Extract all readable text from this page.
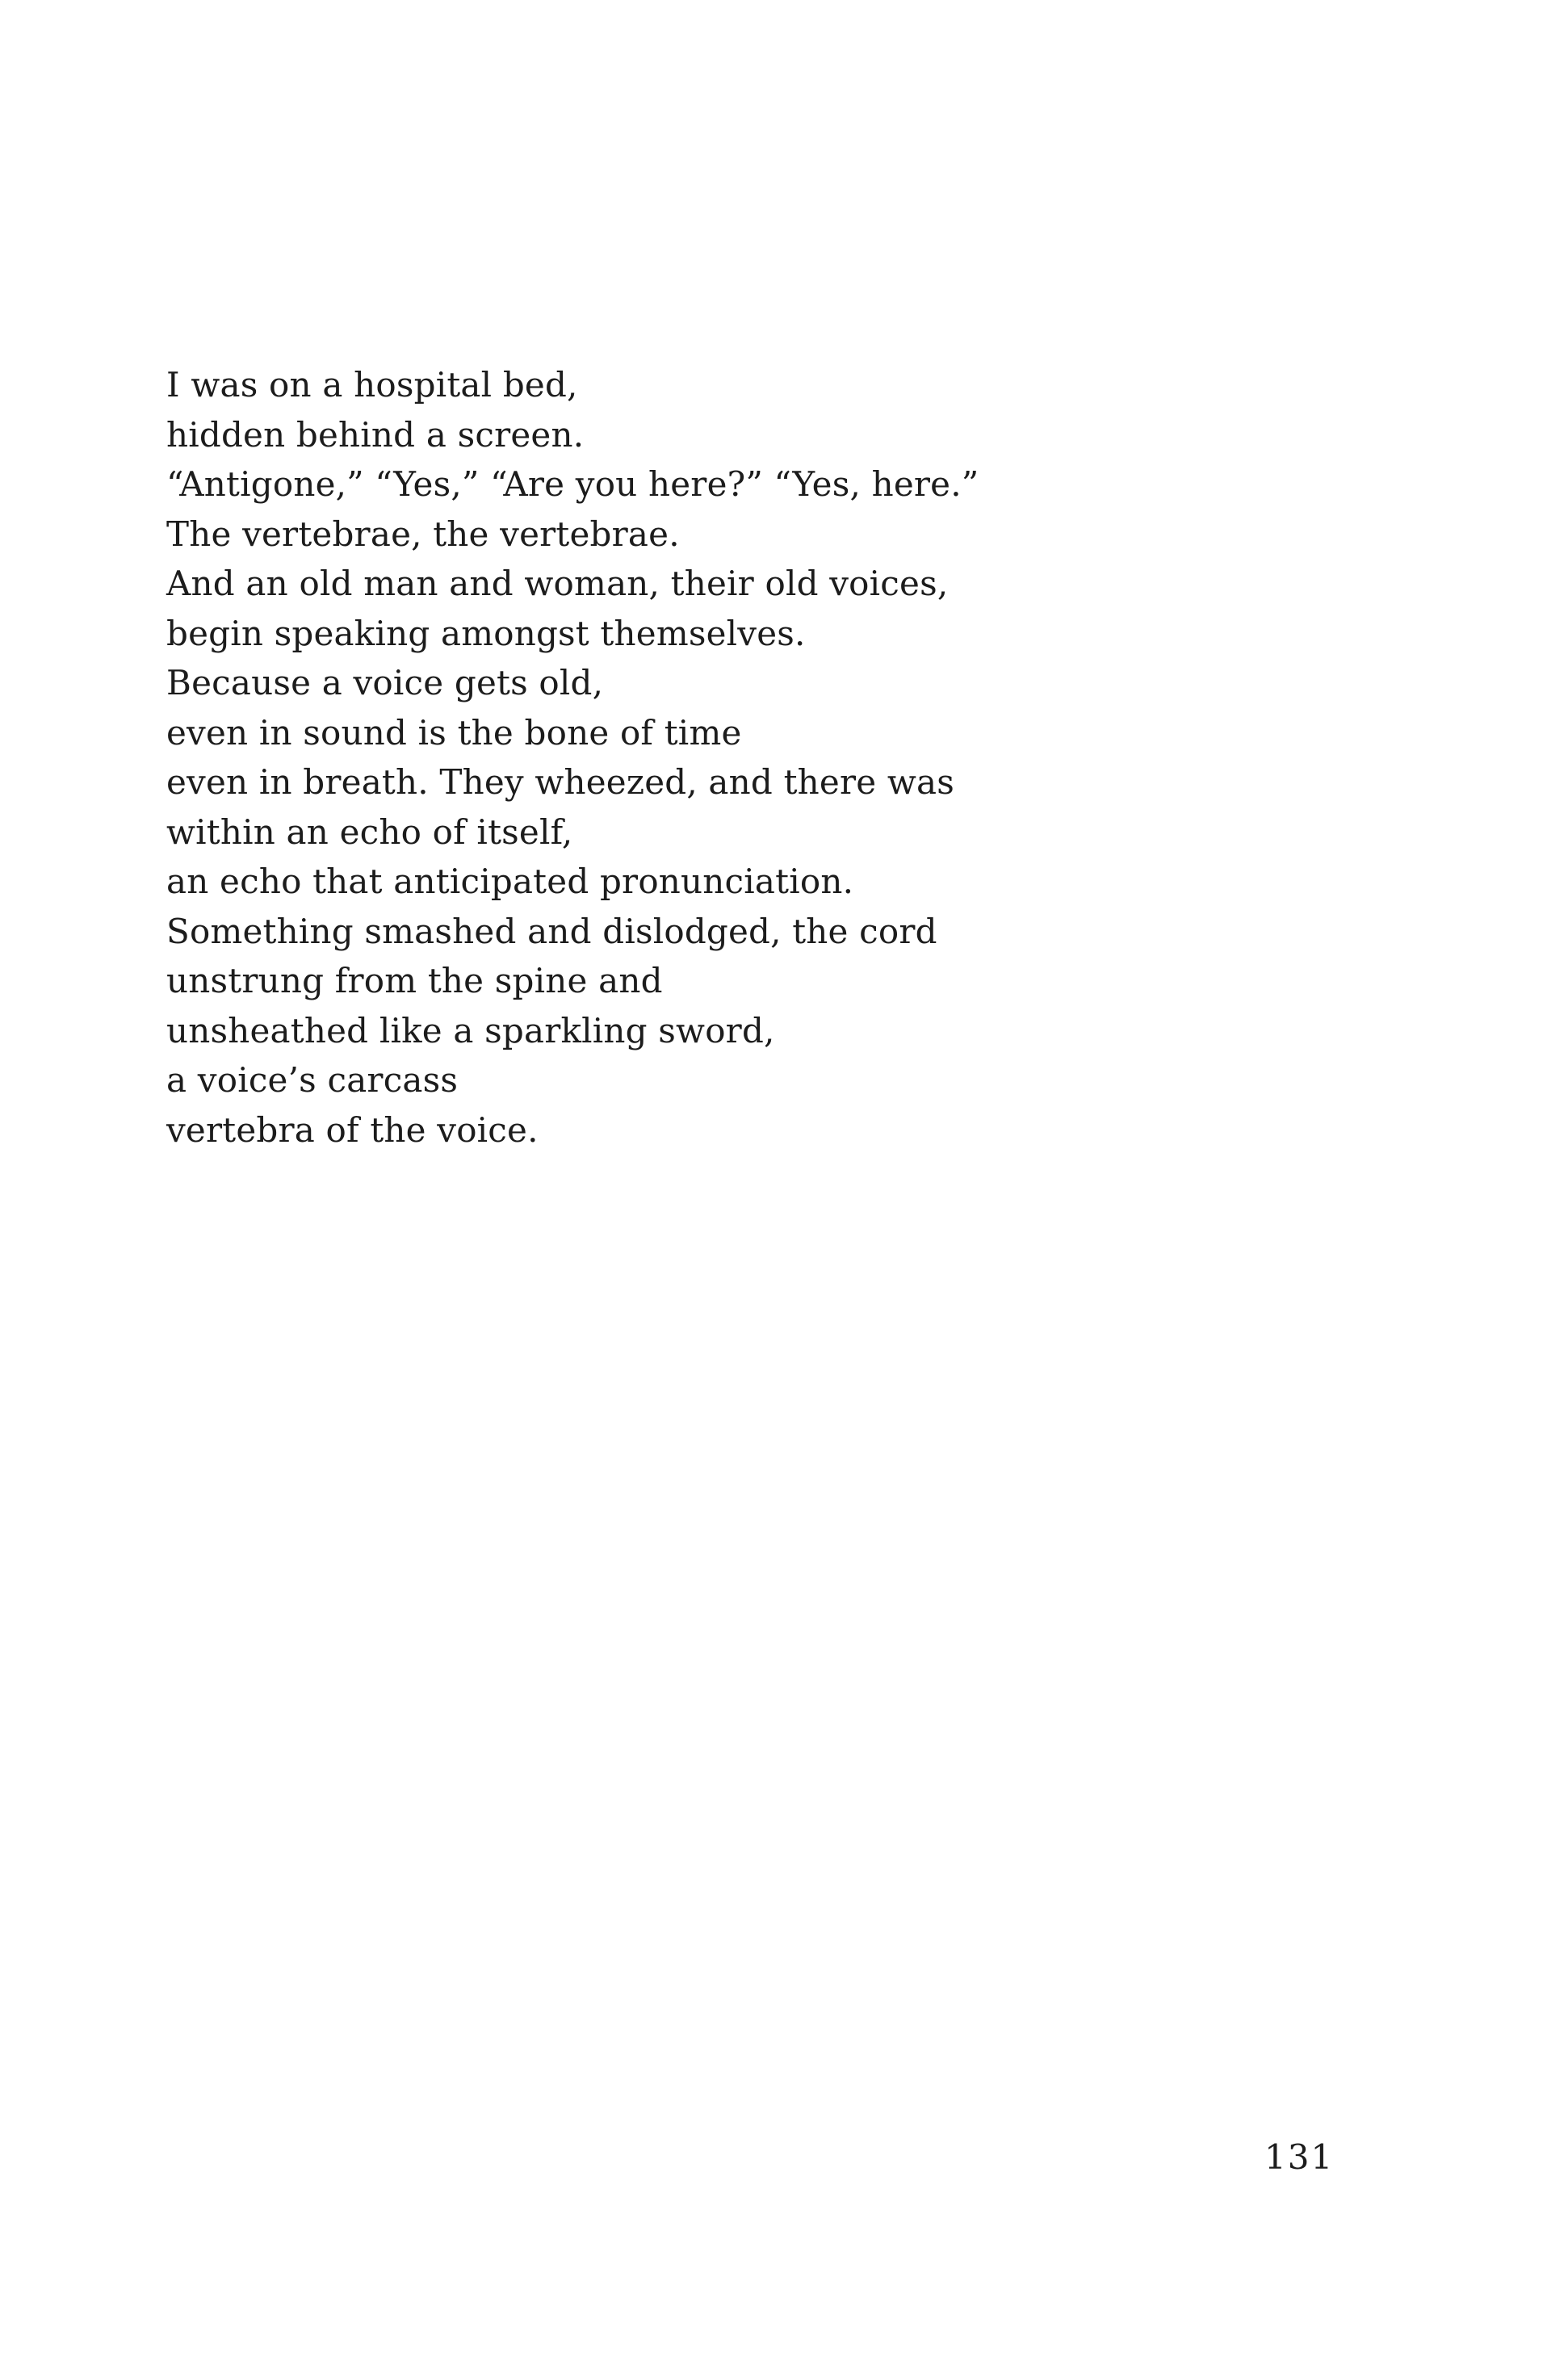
I was on a hospital bed,
hidden behind a screen.
“Antigone,” “Yes,” “Are you here?” “Yes, here.”
The vertebrae, the vertebrae.
And an old man and woman, their old voices,
begin speaking amongst themselves.
Because a voice gets old,
even in sound is the bone of time
even in breath. They wheezed, and there was
within an echo of itself,
an echo that anticipated pronunciation.
Something smashed and dislodged, the cord
unstrung from the spine and
unsheathed like a sparkling sword,
a voice’s carcass
vertebra of the voice.
131
